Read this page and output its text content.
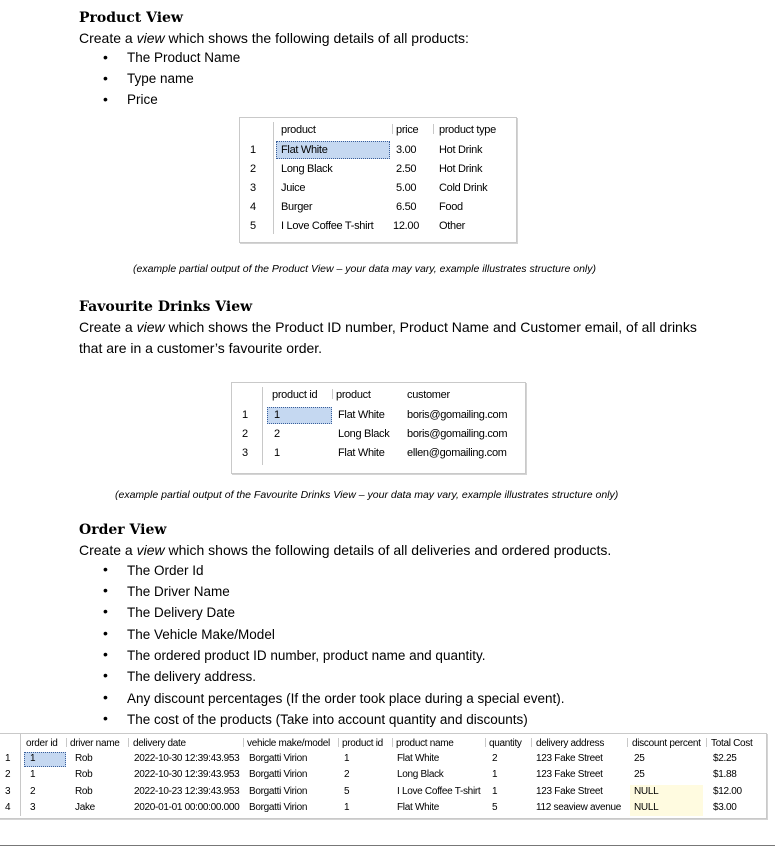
Product View
Create a view which shows the following details of all products:
• The Product Name
• Type name
• Price
product	price product type
1 Flat White	3.00 Hot Drink
2 Long Black	2.50 Hot Drink
3 Juice	5.00 Cold Drink
4 Burger	6.50 Food
5 I Love Coffee T-shirt 12.00 Other
(example partial output of the Product View – your data may vary, example illustrates structure only)
Favourite Drinks View
Create a view which shows the Product ID number, Product Name and Customer email, of all drinks
that are in a customer’s favourite order.
product id product	customer
1 1	Flat White boris@gomailing.com
2 2	Long Black boris@gomailing.com
3 1	Flat White ellen@gomailing.com
(example partial output of the Favourite Drinks View – your data may vary, example illustrates structure only)
Order View
Create a view which shows the following details of all deliveries and ordered products.
• The Order Id
• The Driver Name
• The Delivery Date
• The Vehicle Make/Model
• The ordered product ID number, product name and quantity.
• The delivery address.
• Any discount percentages (If the order took place during a special event).
• The cost of the products (Take into account quantity and discounts)
order id driver name delivery date	vehicle make/model product id product name	quantity delivery address	discount percent Total Cost
1 1	Rob	2022-10-30 12:39:43.953 Borgatti Virion	1	Flat White	2	123 Fake Street	25	$2.25
2 1	Rob	2022-10-30 12:39:43.953 Borgatti Virion	2	Long Black	1	123 Fake Street	25	$1.88
3 2	Rob	2022-10-23 12:39:43.953 Borgatti Virion	5	I Love Coffee T-shirt 1	123 Fake Street	NULL	$12.00
4 3	Jake	2020-01-01 00:00:00.000 Borgatti Virion	1	Flat White	5	112 seaview avenue NULL	$3.00
